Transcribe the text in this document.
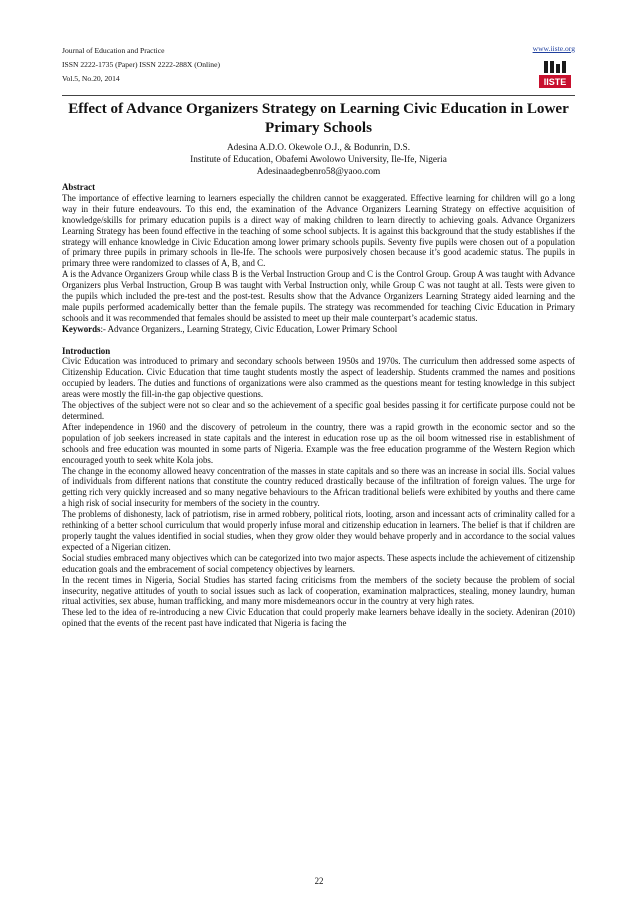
Journal of Education and Practice
ISSN 2222-1735 (Paper) ISSN 2222-288X (Online)
Vol.5, No.20, 2014
www.iiste.org
IISTE
Effect of Advance Organizers Strategy on Learning Civic Education in Lower Primary Schools
Adesina A.D.O. Okewole O.J., & Bodunrin, D.S.
Institute of Education, Obafemi Awolowo University, Ile-Ife, Nigeria
Adesinaadegbenro58@yaoo.com

Abstract

The importance of effective learning to learners especially the children cannot be exaggerated. Effective learning for children will go a long way in their future endeavours. To this end, the examination of the Advance Organizers Learning Strategy on effective acquisition of knowledge/skills for primary education pupils is a direct way of making children to learn directly to achieving goals. Advance Organizers Learning Strategy has been found effective in the teaching of some school subjects. It is against this background that the study establishes if the strategy will enhance knowledge in Civic Education among lower primary schools pupils. Seventy five pupils were chosen out of a population of primary three pupils in primary schools in Ile-Ife. The schools were purposively chosen because it’s good academic status. The pupils in primary three were randomized to classes of A, B, and C.

A is the Advance Organizers Group while class B is the Verbal Instruction Group and C is the Control Group. Group A was taught with Advance Organizers plus Verbal Instruction, Group B was taught with Verbal Instruction only, while Group C was not taught at all. Tests were given to the pupils which included the pre-test and the post-test. Results show that the Advance Organizers Learning Strategy aided learning and the male pupils performed academically better than the female pupils. The strategy was recommended for teaching Civic Education in Primary schools and it was recommended that females should be assisted to meet up their male counterpart’s academic status.

Keywords:- Advance Organizers., Learning Strategy, Civic Education, Lower Primary School

Introduction

Civic Education was introduced to primary and secondary schools between 1950s and 1970s. The curriculum then addressed some aspects of Citizenship Education. Civic Education that time taught students mostly the aspect of leadership. Students crammed the names and positions occupied by leaders. The duties and functions of organizations were also crammed as the questions meant for testing knowledge in this subject areas were mostly the fill-in-the gap objective questions.

The objectives of the subject were not so clear and so the achievement of a specific goal besides passing it for certificate purpose could not be determined.

After independence in 1960 and the discovery of petroleum in the country, there was a rapid growth in the economic sector and so the population of job seekers increased in state capitals and the interest in education rose up as the oil boom witnessed rise in establishment of schools and free education was mounted in some parts of Nigeria. Example was the free education programme of the Western Region which encouraged youth to seek white Kola jobs.

The change in the economy allowed heavy concentration of the masses in state capitals and so there was an increase in social ills. Social values of individuals from different nations that constitute the country reduced drastically because of the infiltration of foreign values. The urge for getting rich very quickly increased and so many negative behaviours to the African traditional beliefs were exhibited by youths and there came a high risk of social insecurity for members of the society in the country.

The problems of dishonesty, lack of patriotism, rise in armed robbery, political riots, looting, arson and incessant acts of criminality called for a rethinking of a better school curriculum that would properly infuse moral and citizenship education in learners. The belief is that if children are properly taught the values identified in social studies, when they grow older they would behave properly and in accordance to the social values expected of a Nigerian citizen.

Social studies embraced many objectives which can be categorized into two major aspects. These aspects include the achievement of citizenship education goals and the embracement of social competency objectives by learners.

In the recent times in Nigeria, Social Studies has started facing criticisms from the members of the society because the problem of social insecurity, negative attitudes of youth to social issues such as lack of cooperation, examination malpractices, stealing, money laundry, human ritual activities, sex abuse, human trafficking, and many more misdemeanors occur in the country at very high rates.

These led to the idea of re-introducing a new Civic Education that could properly make learners behave ideally in the society. Adeniran (2010) opined that the events of the recent past have indicated that Nigeria is facing the

22
